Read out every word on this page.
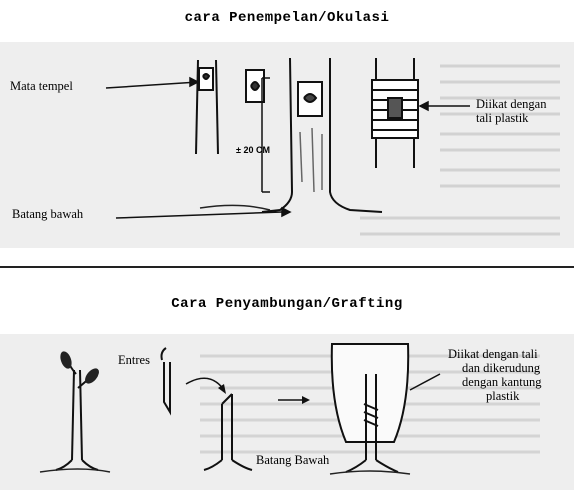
cara Penempelan/Okulasi
Mata tempel
± 20 CM
Batang bawah
Diikat dengan
tali plastik
Cara Penyambungan/Grafting
Entres
Batang Bawah
Diikat dengan tali
dan dikerudung
dengan kantung
plastik
